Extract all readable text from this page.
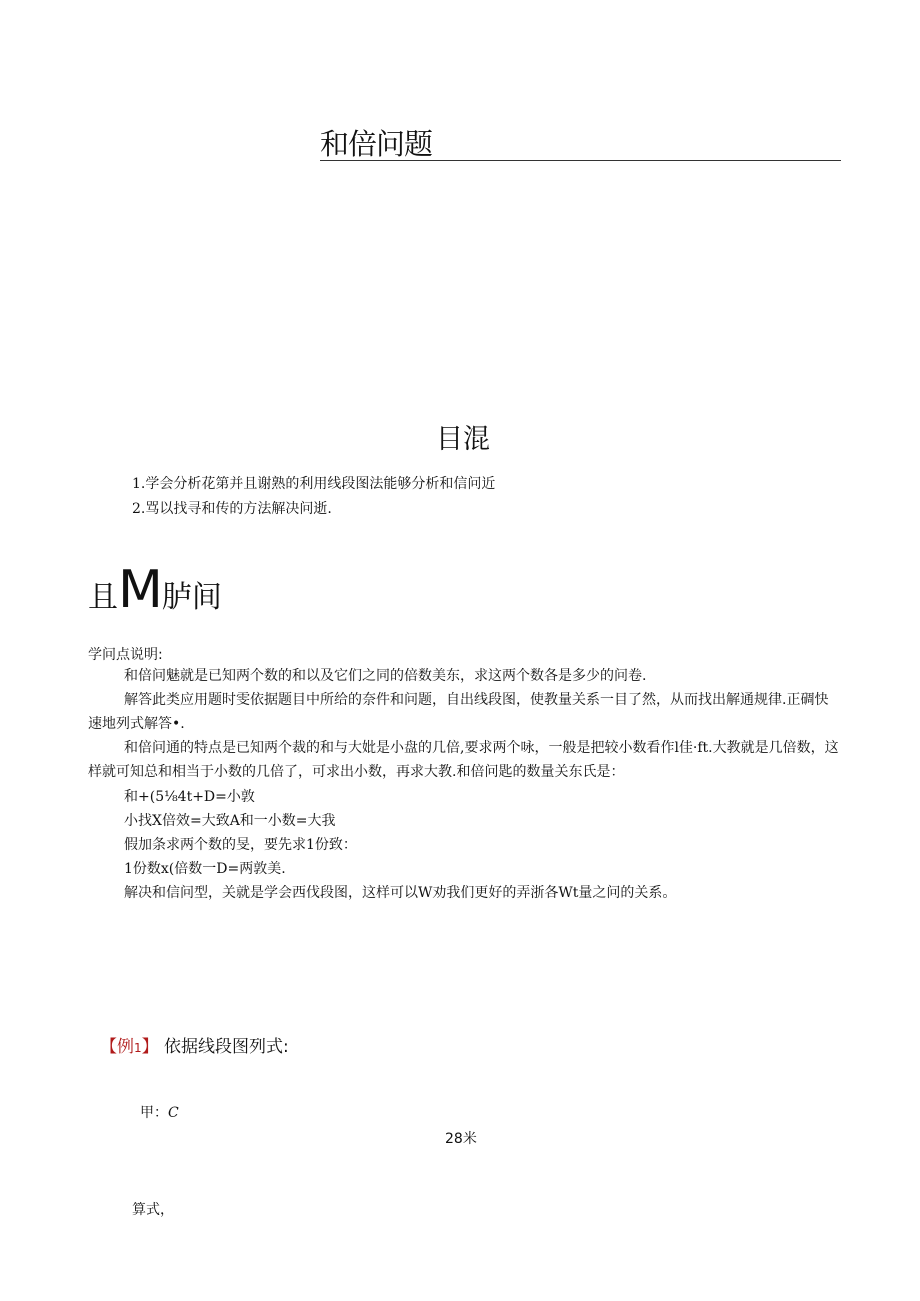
和倍问题
目混
1.学会分析花第并且谢熟的利用线段图法能够分析和信问近
2.骂以找寻和传的方法解决问逝.
且M胪间
学问点说明:
和倍问魅就是已知两个数的和以及它们之同的倍数美东，求这两个数各是多少的问卷.
解答此类应用题时雯依据题目中所给的奈件和问题，自出线段图，使教量关系一目了然，从而找出解通规律.正碉快速地列式解答•.
和倍问通的特点是已知两个裁的和与大妣是小盘的几倍,要求两个咏，一般是把较小数看作l佳·ft.大教就是几倍数，这样就可知总和相当于小数的几倍了，可求出小数，再求大教.和倍问匙的数量关东氏是：
和+(5⅛4t+D=小敦
小找X倍效=大致A和一小数=大我
假加条求两个数的旻，要先求1份致：
1份数x(倍数一D=两敦美.
解决和信问型，关就是学会西伐段图，这样可以W劝我们更好的弄浙各Wt量之问的关系。
【例1】 依据线段图列式:
甲：C
28米
算式，
